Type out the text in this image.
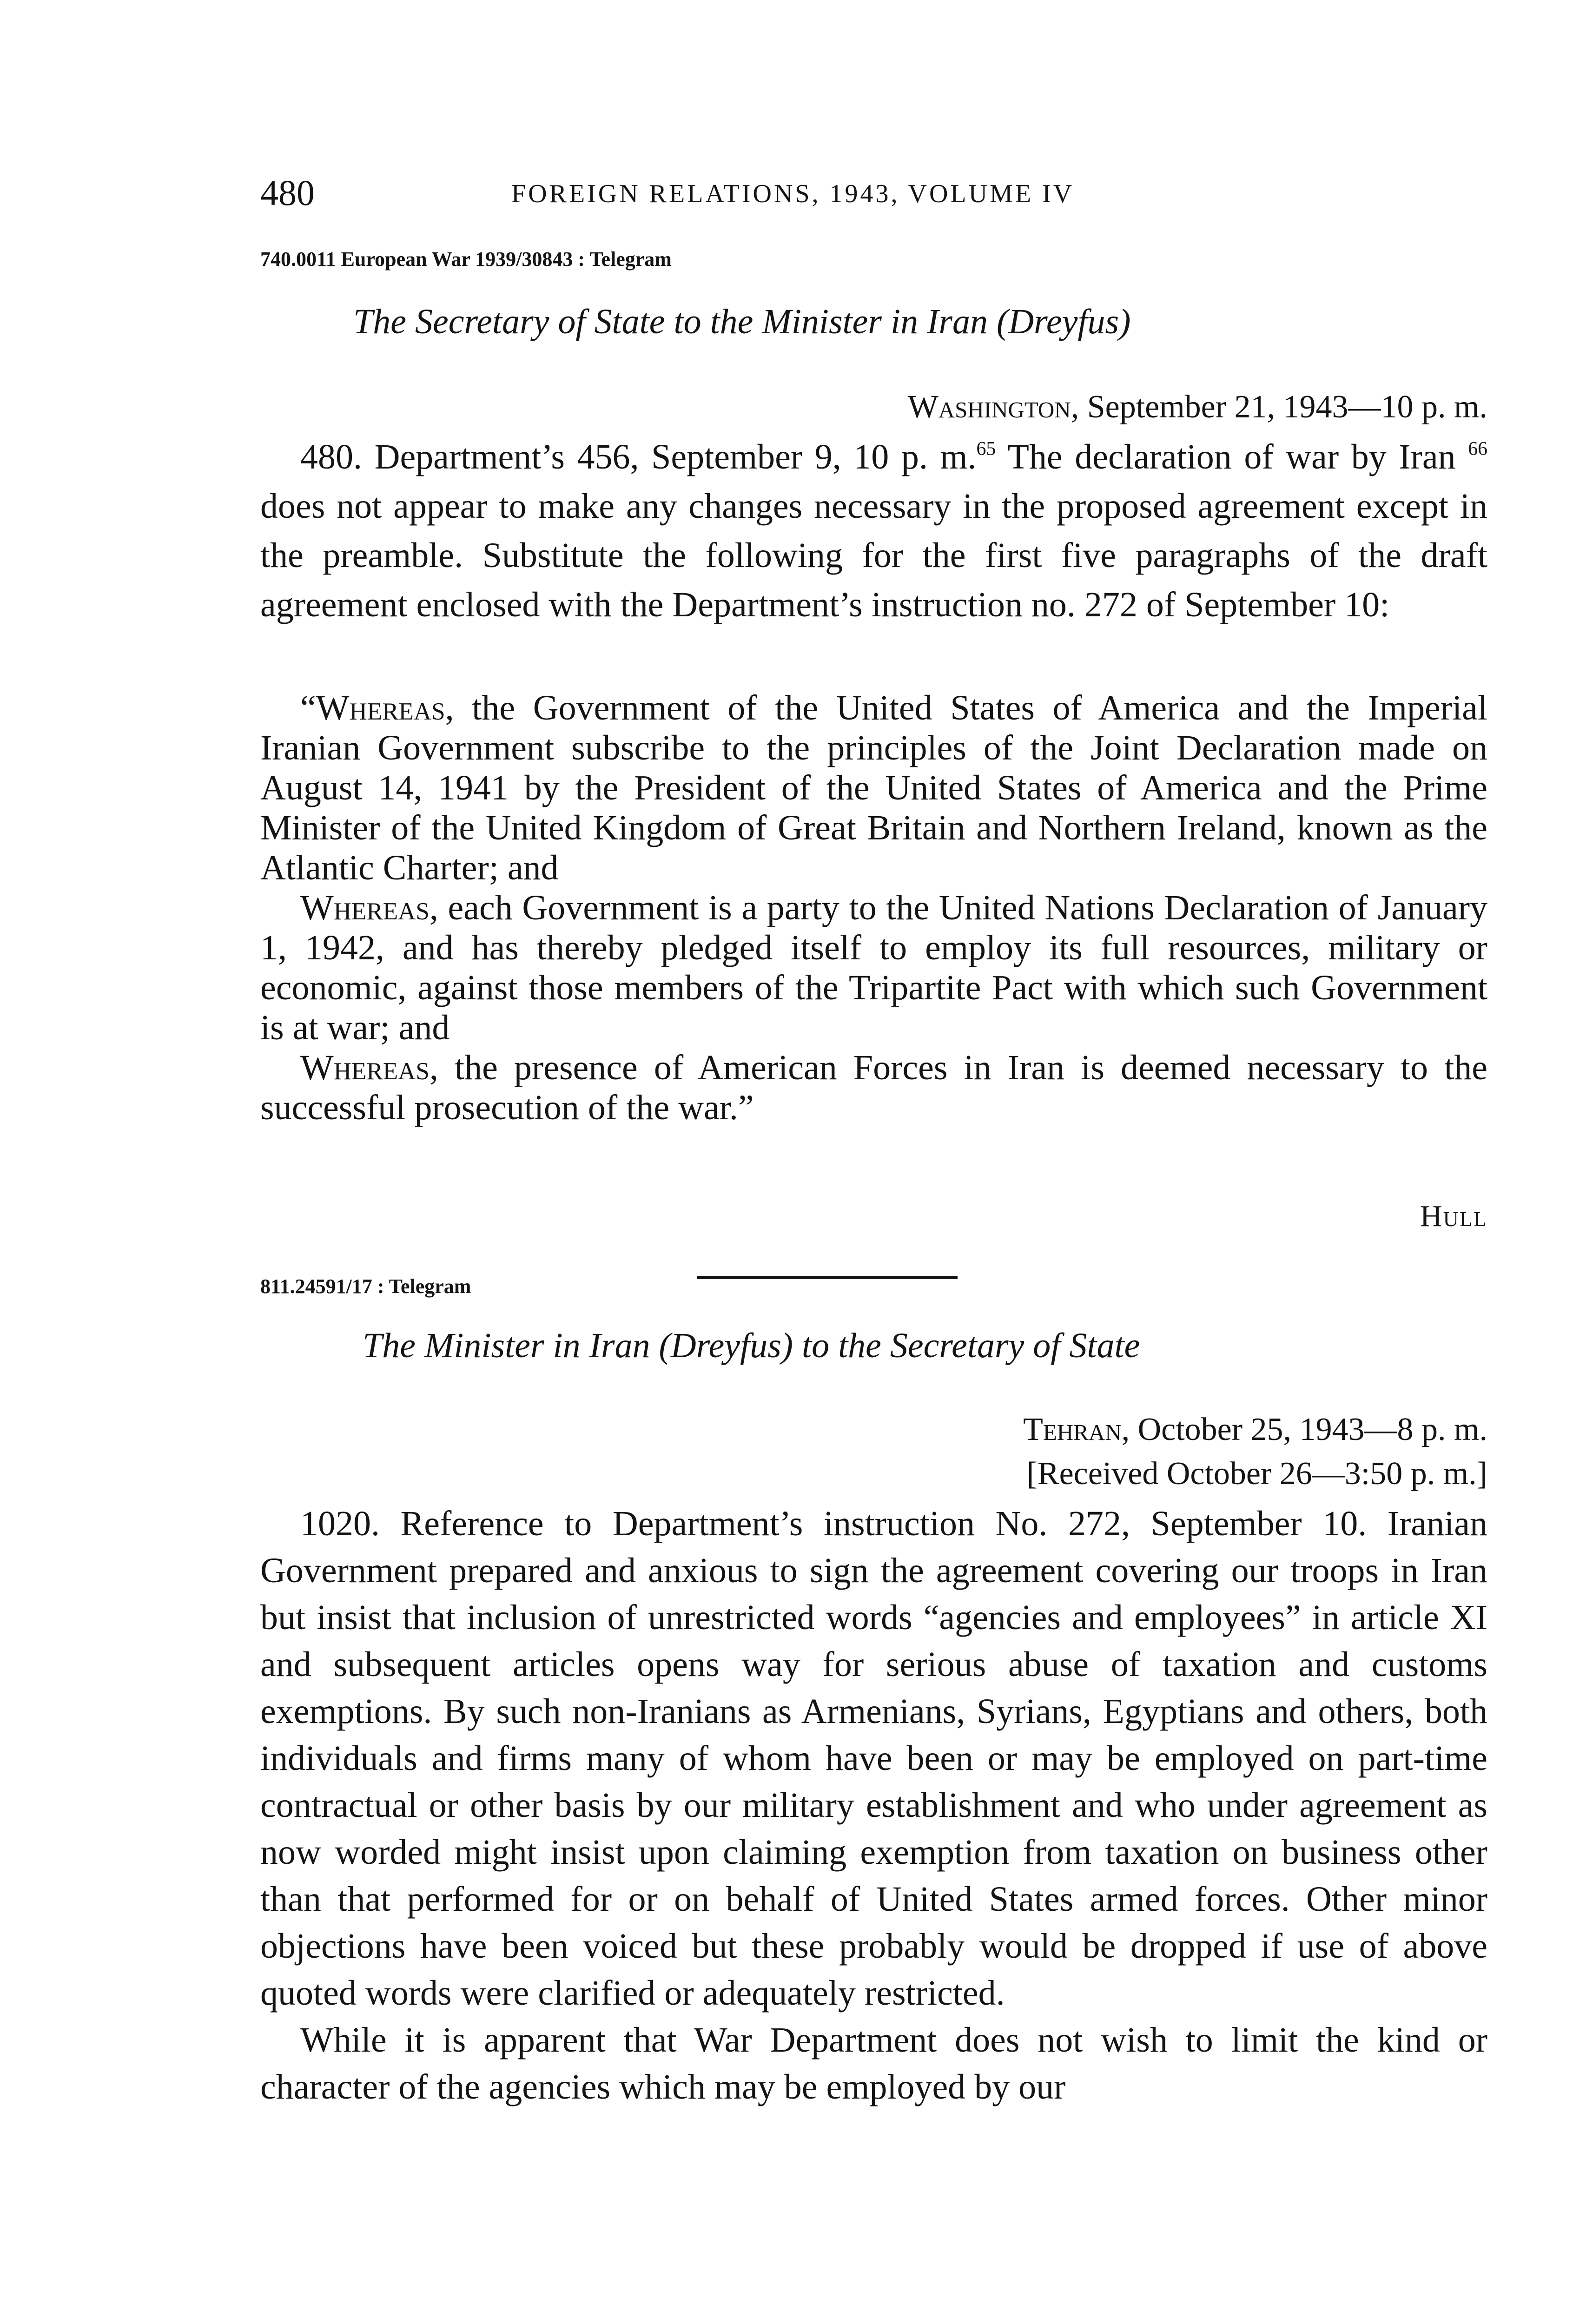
480	FOREIGN RELATIONS, 1943, VOLUME IV
740.0011 European War 1939/30843 : Telegram
The Secretary of State to the Minister in Iran (Dreyfus)
Washington, September 21, 1943—10 p. m.

480. Department’s 456, September 9, 10 p. m.$^{65}$ The declaration of war by Iran $^{66}$ does not appear to make any changes necessary in the proposed agreement except in the preamble. Substitute the following for the first five paragraphs of the draft agreement enclosed with the Department’s instruction no. 272 of September 10:

“Whereas, the Government of the United States of America and the Imperial Iranian Government subscribe to the principles of the Joint Declaration made on August 14, 1941 by the President of the United States of America and the Prime Minister of the United Kingdom of Great Britain and Northern Ireland, known as the Atlantic Charter; and

Whereas, each Government is a party to the United Nations Declaration of January 1, 1942, and has thereby pledged itself to employ its full resources, military or economic, against those members of the Tripartite Pact with which such Government is at war; and

Whereas, the presence of American Forces in Iran is deemed necessary to the successful prosecution of the war.”

Hull
811.24591/17 : Telegram
The Minister in Iran (Dreyfus) to the Secretary of State
Tehran, October 25, 1943—8 p. m.
[Received October 26—3:50 p. m.]

1020. Reference to Department’s instruction No. 272, September 10. Iranian Government prepared and anxious to sign the agreement covering our troops in Iran but insist that inclusion of unrestricted words “agencies and employees” in article XI and subsequent articles opens way for serious abuse of taxation and customs exemptions. By such non-Iranians as Armenians, Syrians, Egyptians and others, both individuals and firms many of whom have been or may be employed on part-time contractual or other basis by our military establishment and who under agreement as now worded might insist upon claiming exemption from taxation on business other than that performed for or on behalf of United States armed forces. Other minor objections have been voiced but these probably would be dropped if use of above quoted words were clarified or adequately restricted.

While it is apparent that War Department does not wish to limit the kind or character of the agencies which may be employed by our
